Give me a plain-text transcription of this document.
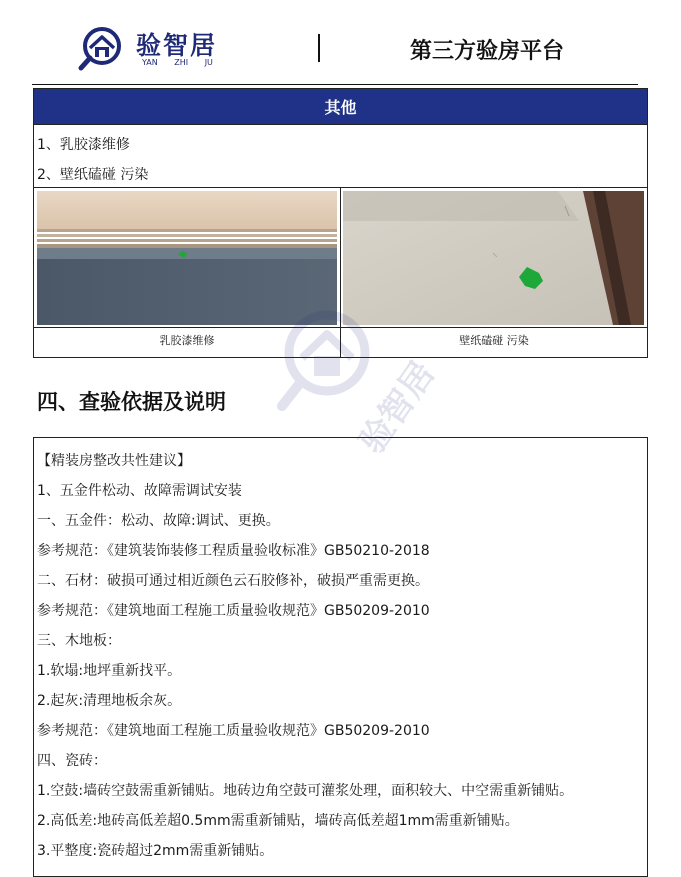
验智居
YAN ZHI JU	第三方验房平台
其他
1、乳胶漆维修
2、壁纸磕碰 污染
乳胶漆维修	壁纸磕碰 污染
验智居
四、查验依据及说明
【精装房整改共性建议】
1、五金件松动、故障需调试安装
一、五金件：松动、故障:调试、更换。
参考规范：《建筑装饰装修工程质量验收标准》GB50210-2018
二、石材：破损可通过相近颜色云石胶修补，破损严重需更换。
参考规范：《建筑地面工程施工质量验收规范》GB50209-2010
三、木地板：
1.软塌:地坪重新找平。
2.起灰:清理地板余灰。
参考规范：《建筑地面工程施工质量验收规范》GB50209-2010
四、瓷砖：
1.空鼓:墙砖空鼓需重新铺贴。地砖边角空鼓可灌浆处理，面积较大、中空需重新铺贴。
2.高低差:地砖高低差超0.5mm需重新铺贴，墙砖高低差超1mm需重新铺贴。
3.平整度:瓷砖超过2mm需重新铺贴。
